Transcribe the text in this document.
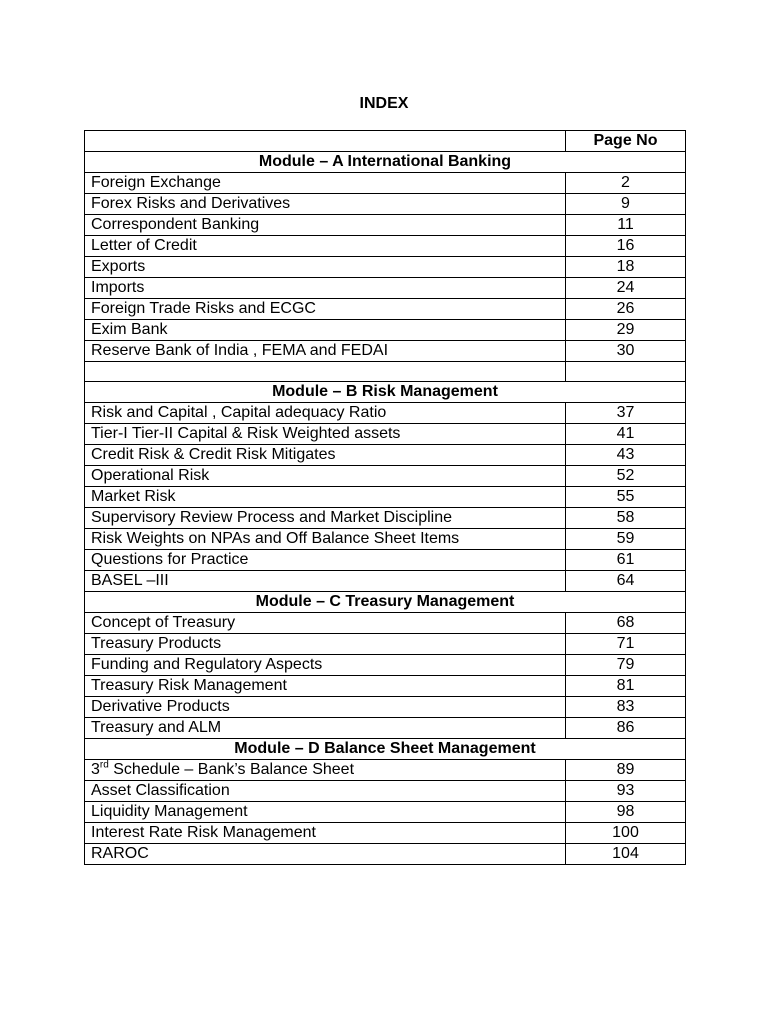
INDEX
	Page No
Module – A International Banking	
Foreign Exchange	2
Forex Risks and Derivatives	9
Correspondent Banking	11
Letter of Credit	16
Exports	18
Imports	24
Foreign Trade Risks and ECGC	26
Exim Bank	29
Reserve Bank of India , FEMA and FEDAI	30

Module – B Risk Management	
Risk and Capital , Capital adequacy Ratio	37
Tier-I Tier-II Capital & Risk Weighted assets	41
Credit Risk & Credit Risk Mitigates	43
Operational Risk	52
Market Risk	55
Supervisory Review Process and Market Discipline	58
Risk Weights on NPAs and Off Balance Sheet Items	59
Questions for Practice	61
BASEL –III	64
Module – C Treasury Management	
Concept of Treasury	68
Treasury Products	71
Funding and Regulatory Aspects	79
Treasury Risk Management	81
Derivative Products	83
Treasury and ALM	86
Module – D Balance Sheet Management	
3rd Schedule – Bank’s Balance Sheet	89
Asset Classification	93
Liquidity Management	98
Interest Rate Risk Management	100
RAROC	104
